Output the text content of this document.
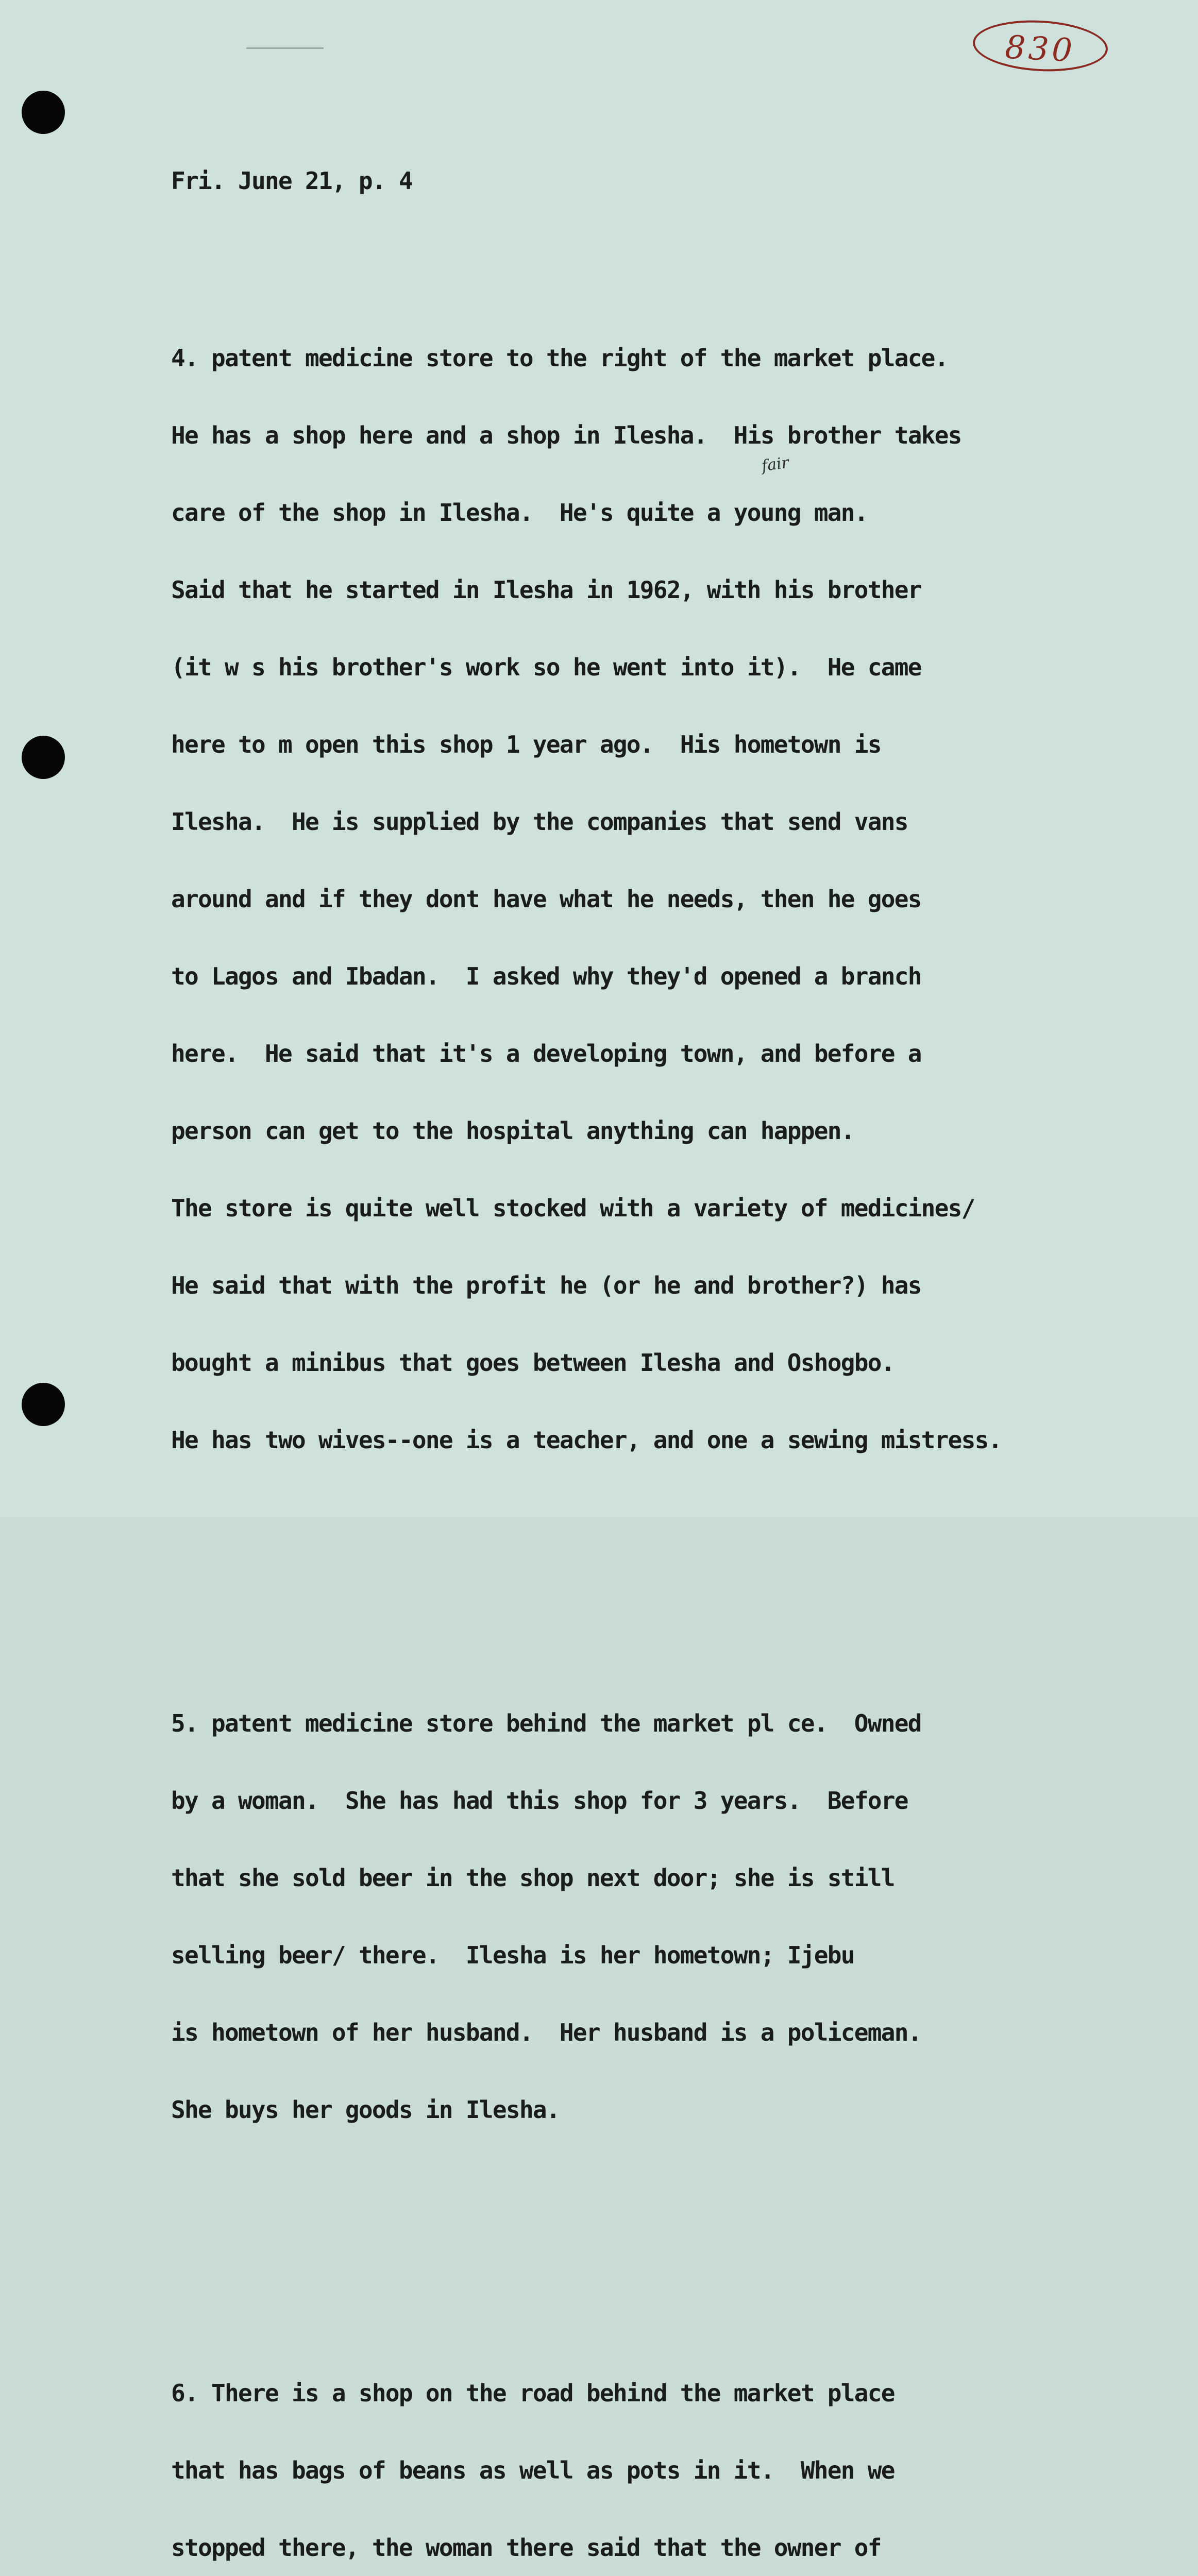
830
fair

Fri. June 21, p. 4

4. patent medicine store to the right of the market place.

He has a shop here and a shop in Ilesha.  His brother takes

care of the shop in Ilesha.  He's quite a young man.

Said that he started in Ilesha in 1962, with his brother

(it w s his brother's work so he went into it).  He came

here to m open this shop 1 year ago.  His hometown is

Ilesha.  He is supplied by the companies that send vans

around and if they dont have what he needs, then he goes

to Lagos and Ibadan.  I asked why they'd opened a branch

here.  He said that it's a developing town, and before a

person can get to the hospital anything can happen.

The store is quite well stocked with a variety of medicines/

He said that with the profit he (or he and brother?) has

bought a minibus that goes between Ilesha and Oshogbo.

He has two wives--one is a teacher, and one a sewing mistress.

5. patent medicine store behind the market pl ce.  Owned

by a woman.  She has had this shop for 3 years.  Before

that she sold beer in the shop next door; she is still

selling beer/ there.  Ilesha is her hometown; Ijebu

is hometown of her husband.  Her husband is a policeman.

She buys her goods in Ilesha.

6. There is a shop on the road behind the market place

that has bags of beans as well as pots in it.  When we

stopped there, the woman there said that the owner of
